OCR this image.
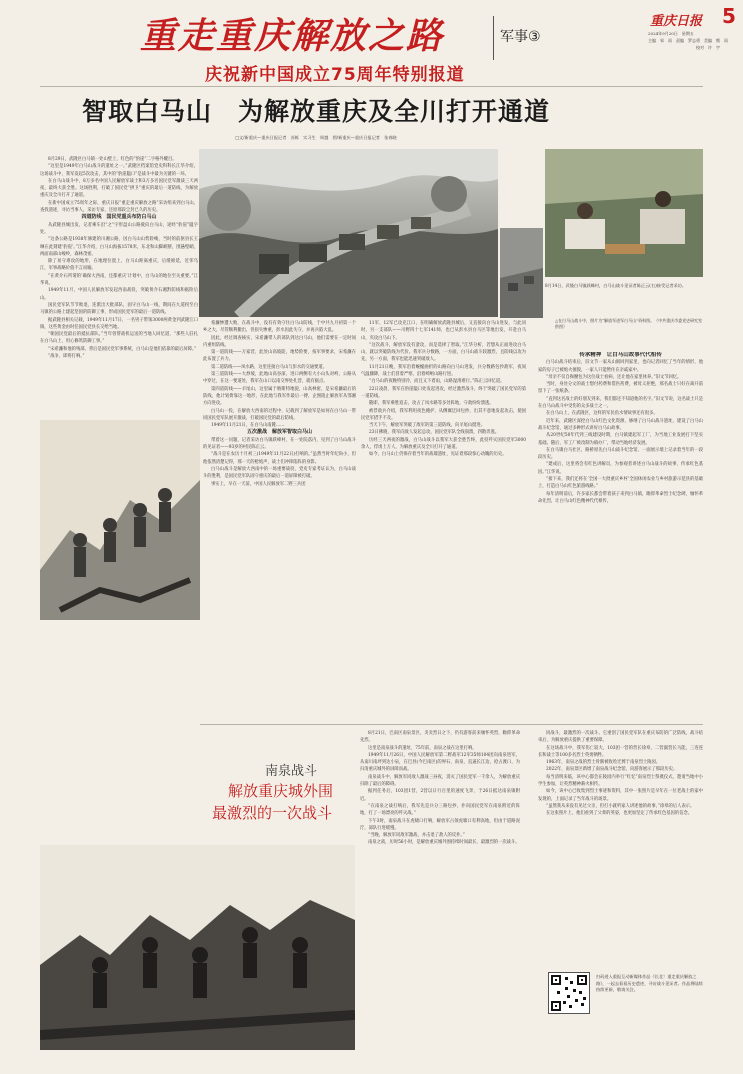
重走重庆解放之路	军事③
庆祝新中国成立75周年特别报道
重庆日报 5
2024年9月20日　星期五
主编　邹　雨　责编　罗志勇　美编　熊　雨
　　　　　　　　　　　　校对　许　宇
智取白马山　为解放重庆及全川打开通道
□文/新重庆—重庆日报记者　苏栋　实习生　周越　图/新重庆—重庆日报记者　张春晓

8月29日，武隆区白马镇一处山壁上，红色的“豹崖”二字格外醒目。

“这里是1949年白马山战斗的遗址之一。”武隆区档案馆党史科科长江华介绍，这场战斗中，我军发起5次攻击，其中的“豹崖隘口”是战斗中最为关键的一环。

在白马山战斗中，8万多名中国人民解放军战士和3万多名国民党军激战三天两夜，最终大获全胜。这场胜利，打破了国民党“拱卫”重庆的最后一道防线，为解放重庆及全川打开了通道。

在新中国成立75周年之际，重庆日报“重走重庆解放之路”采访组来到白马山，查找遗迹，寻访当事人，采访专家，还原那段尘封已久的历史。

四道防线　国民党重兵布防白马山

从武隆县城出发，记者乘车沿“之”字形盘山公路驶向白马山，途经“豹崖”隘字处。

“这条公路是1938年修建的川湘公路，因白马山山势险峻，当时的前驱县长王琳在此刻建‘豹崖’。”江华介绍，白马山海拔1578米，东北和山脚峡断，围悬壁峭，两面南部山峻岭，森林茂密。

除了易守难攻的地形，在地理位置上，白马山距离重庆，后缓绵延，近邻乌江，军事战略价值不言而喻。

“在黄介石所谓的‘确保大西南，还都重庆’计划中，白马山的地位至关重要。”江华说。

1949年11月，中国人民解放军发起西南战役，突破黄介石湘黔防线和据险后山。

国民党军队节节败退，连派出大批部队，固守白马山一线，期间在九道拐至白马镇的公路上建起坚固的防御工事，形成国民党军的最后一道防线。

据武隆县相关记载，1949年11月17日，一名男子带领3000两黄金到武隆江口镇，这些黄金由时任国民党县长交给当地。

“朝国民党最后的抵抗部队。”当年曾帮战机运送的当地人回忆道，“那些人驻扎在白马山上，用心修筑防御工事。”

“宋希濂和他的残部，背后是国民党军事系统，白马山是他们依靠的最后屏障。”

“战争，即将打响。”

8月14日，武隆白马镇跃峰村，白马山战斗见证者陈正云(右)接受记者采访。
△在白马山战斗中，照片为“解放军进军白马山”资料图。（中共重庆市委党史研究室供图）

希濂惨遭大败，在战斗中，没有有效守住白马山防线，于中共九月初第一个乡之大，尽管顺利撤出，但损失惨重，彭水因此失守，并再兵陷大乱。

因此，经过调查核实，宋希濂带人的部队到达白马山，他们需要在一定时间内重组防线。

第一道防线——万家营，此处山高坡陡，地势险要，按军事要求，宋希濂在此布置了兵力。

第二道防线——凤水路，这里连接白马山与彭水的交通要道。

第三道防线——大炒坡，此地山高谷深，进口两侧有大小山头对峙，公路从中穿过，在这一要道处，我军在山口以南交界处扎营，就有据点。

第四道防线——羊尾山，这里属于喀斯特地貌，山高林密，是宋希濂最后的防线，他计划倚靠这一地形，在此地与我军作最后一搏，企图阻止解放军从鄂湘方向进攻。

白马山一役，在解放大西南的过程中，记载到了解放军是如何在白马山一带同国民党军队展开激战，打破国民党的最后防线。

1949年11月21日，在白马山南麓……

五次激战　解放军智取白马山

带着这一问题，记者采访白马镇跃峰村，在一处院落内，见到了白马山战斗的见证者——93岁的村民陈正云。

“战斗是在农历十月初三(1949年11月22日)打响的。”虽然当时年纪尚小，但他依然清楚记得，那一天的枪炮声，战士们冲锋陷阵的身影。

白马山战斗是解放大西南中的一场重要战役，党史专家考证认为，白马山战斗的胜利，是国民党军队固守重庆的最后一道屏障被打破。

事实上，早在一天前，中国人民解放军二野三兵团

11军、12军已攻克江口，在明确解放武隆县城后，又直接向白马山进发，与此同时，另一支部队——川野四十七军141师，也已从彭水县白马区等地出发，开赴白马山，夹攻白马山下。

“这次战斗，解放军没有蛮攻，而是选择了智取。”江华分析，若想从正面进攻白马山，就以突破防线为代价。我军兵分数路，一方面，白马山战斗较激烈，且防线以攻为先，另一方面，我军也能迅速突破敌人。

11月21日晚，我军沿着蜿蜒曲折的山路向白马山进发，兵分数路包抄敌军，夜间气温骤降，战士们冒着严寒，沿着崎岖山路行进。

“白马山的夜晚特别冷，而且又下着雨，山路湿滑难行。”陈正云回忆道。

22日凌晨，我军在豹崖隘口处发起进攻，经过激烈战斗，终于突破了国民党军的第一道防线。

随即，我军乘胜追击，攻占了凤水路等多处阵地，守敌纷纷溃逃。

被俘敌兵介绍，我军利用夜色掩护，从侧翼迂回包抄，出其不意地发起攻击，使国民党军措手不及。

当天下午，解放军突破了敌军的第三道防线，向羊尾山挺进。

23日拂晓，我军向敌人发起总攻，国民党军队全线崩溃，四散奔逃。

历经三天两夜的激战，白马山战斗以我军大获全胜告终，此役歼灭国民党军3000余人，俘虏上万人，为解放重庆及全川打开了通道。

如今，白马山上仍保存着当年的战壕遗址，见证着那段惊心动魄的历史。

传承精神　让白马山故事代代相传

白马山战斗结束后，旧文节一家从山洞回到家里，也向记者回忆了当年的情形，他家的房子已被炮火摧毁，一家人只能暂住在亲戚家中。

“母亲不仅自掏腰包为这位战士看病，还让他在家里休养。”旧文节回忆。

当时，身处分文的战士想付药费和借医药费，被母义拒绝，那名战士只好在离开前留下了一张纸条。

“直到这名战士的好朋友到来，我们都还不知道他的名字。”旧文节说，这名战士只是在白马山战斗中受伤的众多战士之一。

在白马山上，在武隆区，这样的军民鱼水情故事还有很多。

近年来，武隆区深挖白马山红色文化资源，修缮了白马山战斗遗址，建设了白马山战斗纪念馆，通过多种形式讲好白马山故事。

从20世纪50年代到三线建设时期，白马镇建起军工厂，为当地工业发展打下坚实基础。随后，军工厂被改制为镇办厂，带动当地经济发展。

在白马镇白马社区，路桥原先白马山战斗纪念馆，一面展示墙上记录着当年的一段段历史。

“建成后，这里将会有红色讲解员，为参观者讲述白马山战斗的故事，传承红色基因。”江华说。

“接下来，我们还将在‘全国一大批重庆乡村’全国休闲农业与乡村旅游示范县的基础上，打造白马山红色旅游线路。”

每年清明前后，许多家长都会带着孩子来到白马镇，瞻仰革命烈士纪念碑，缅怀革命先烈，让白马山红色精神代代相传。

南泉战斗
解放重庆城外围
最激烈的一次战斗

8月21日，巴南区南泉景区，炎炎烈日之下，仍有游客前来缅怀英烈，瞻仰革命先烈。

这里是南泉战斗的遗址，75年前，南泉之战在这里打响。

1949年11月26日，中国人民解放军第二野战军12军35师104团向南泉进军，从南川南坪到达小泉，在巴县(今巴南区)的界石、南泉，直逼长江边，抢占渡口，为扫清重庆城外的屏障而战。

南泉战斗中，解放军同敌人激战三昼夜，消灭了国民党军一千余人，为解放重庆扫除了最后的障碍。

据到任务后，103团1营，2营以日行百里的速度飞奔，于26日抵达南泉镇附近。

“在南泉之战打响后，我军先是兵分三路包抄，扑向国民党军在南泉附近的阵地，打了一场漂亮的歼灭战。”

下午3时，南泉战斗在虎啸口打响，解放军占领虎啸口有利高地，但由于道路泥泞，部队行进缓慢。

“当晚，解放军同敌军激战，并击退了敌人的反扑。”

南泉之战，历时56小时，是解放重庆城外围持续时间最长、最激烈的一次战斗。

同战斗，最激烈的一次战斗。它重创了国民党军队在重庆布防的广泛防线，战斗结束后，为解放重庆提供了重要保障。

在这场战斗中，我军伤亡较大，103团一营的营长徐皋，二营副营长马能，三连连长和战士等100多名烈士英勇牺牲。

1963年，南泉之战的烈士骨骸被收殓迁葬于南泉烈士陵园。

2022年，南泉景区新增了南泉战斗纪念馆，向游客展示了那段历史。

每当清明来临，该中心都会在陵园内举行“红忆”南泉烈士祭奠仪式，邀请当地中小学生参加，让英烈精神薪火相传。

如今，该中心已收集到烈士事迹和资料，其中一张照片是早年在一位老战士的家中发现的，上面记录了当年战斗的场景。

“虽然我从来没有见过父亲，但打小就听家人讲述他的故事。”徐皋的后人表示。

在这张照片上，他们看到了父辈的英姿，也更加坚定了传承红色基因的信念。

扫码进入重报互动新媒体作品《长北！重走重庆解放之路》，一起去看看历史遗迹、寻访战斗见证者。作品将陆续持续更新，敬请关注。
